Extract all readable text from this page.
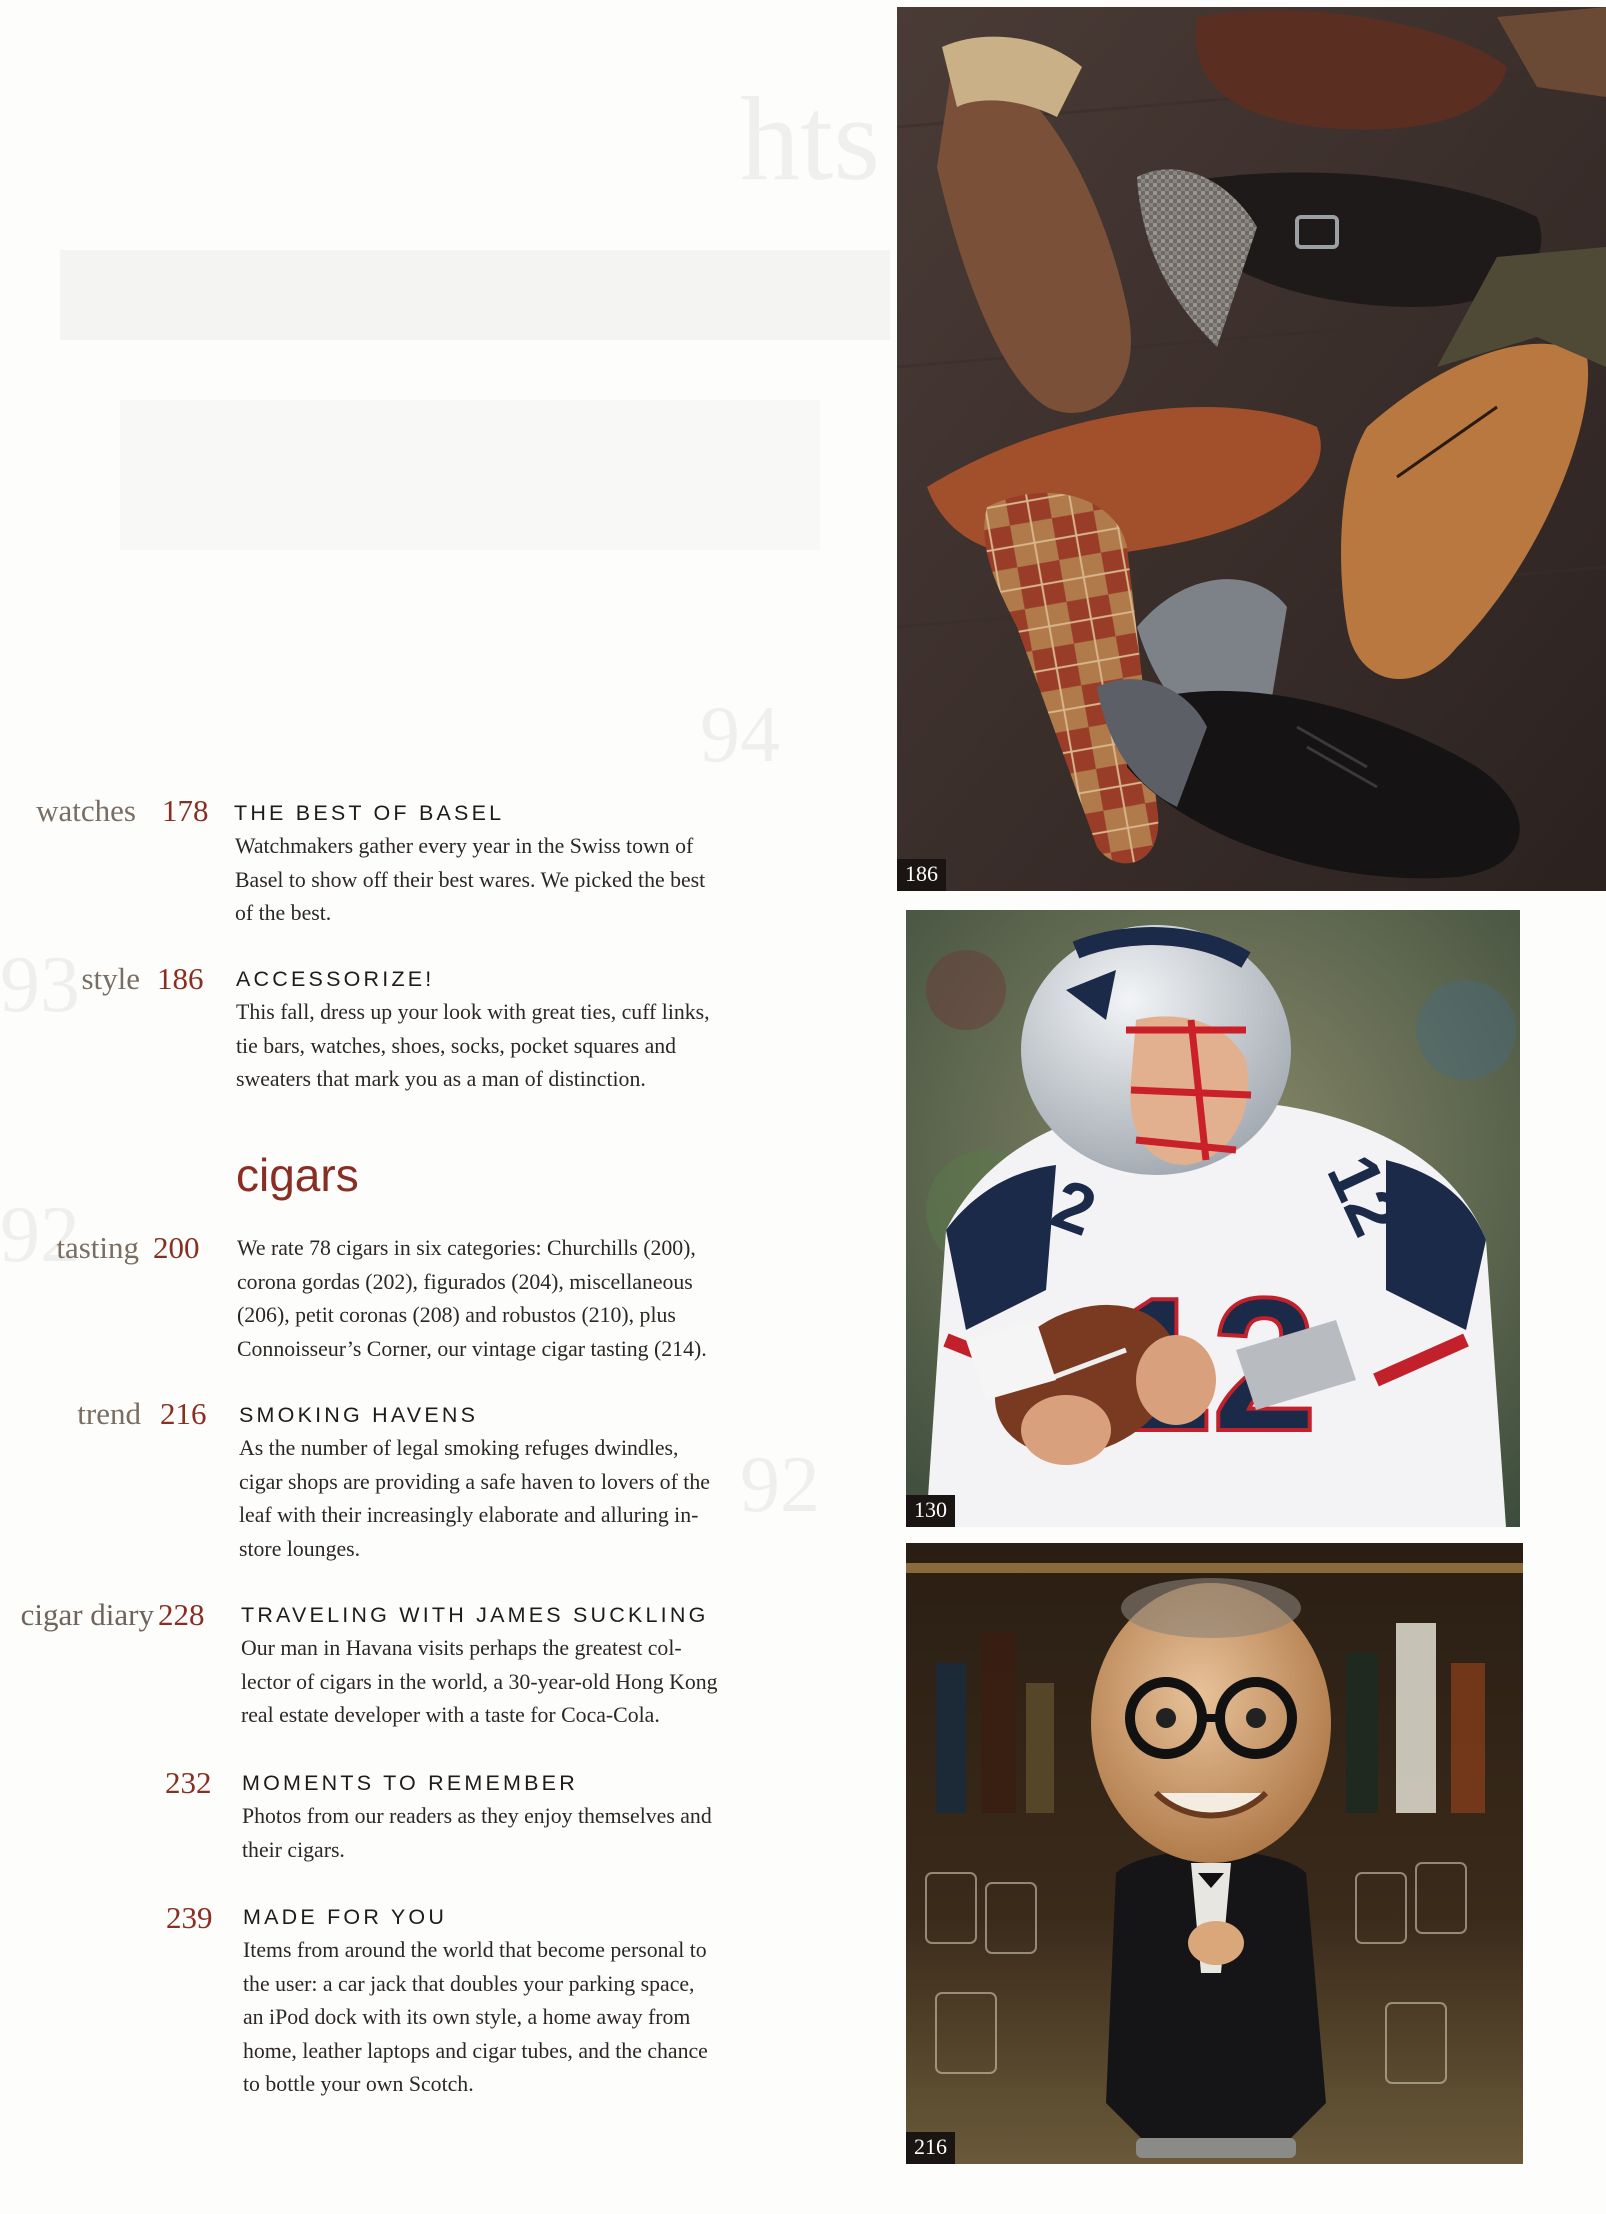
hts
94
93
92
92
watches 178 THE BEST OF BASEL
Watchmakers gather every year in the Swiss town of
Basel to show off their best wares. We picked the best
of the best.
style 186 ACCESSORIZE!
This fall, dress up your look with great ties, cuff links,
tie bars, watches, shoes, socks, pocket squares and
sweaters that mark you as a man of distinction.
cigars
tasting 200 We rate 78 cigars in six categories: Churchills (200),
corona gordas (202), figurados (204), miscellaneous
(206), petit coronas (208) and robustos (210), plus
Connoisseur’s Corner, our vintage cigar tasting (214).
trend 216 SMOKING HAVENS
As the number of legal smoking refuges dwindles,
cigar shops are providing a safe haven to lovers of the
leaf with their increasingly elaborate and alluring in-
store lounges.
cigar diary 228 TRAVELING WITH JAMES SUCKLING
Our man in Havana visits perhaps the greatest col-
lector of cigars in the world, a 30-year-old Hong Kong
real estate developer with a taste for Coca-Cola.
232 MOMENTS TO REMEMBER
Photos from our readers as they enjoy themselves and
their cigars.
239 MADE FOR YOU
Items from around the world that become personal to
the user: a car jack that doubles your parking space,
an iPod dock with its own style, a home away from
home, leather laptops and cigar tubes, and the chance
to bottle your own Scotch.
186
12	12
130
216
